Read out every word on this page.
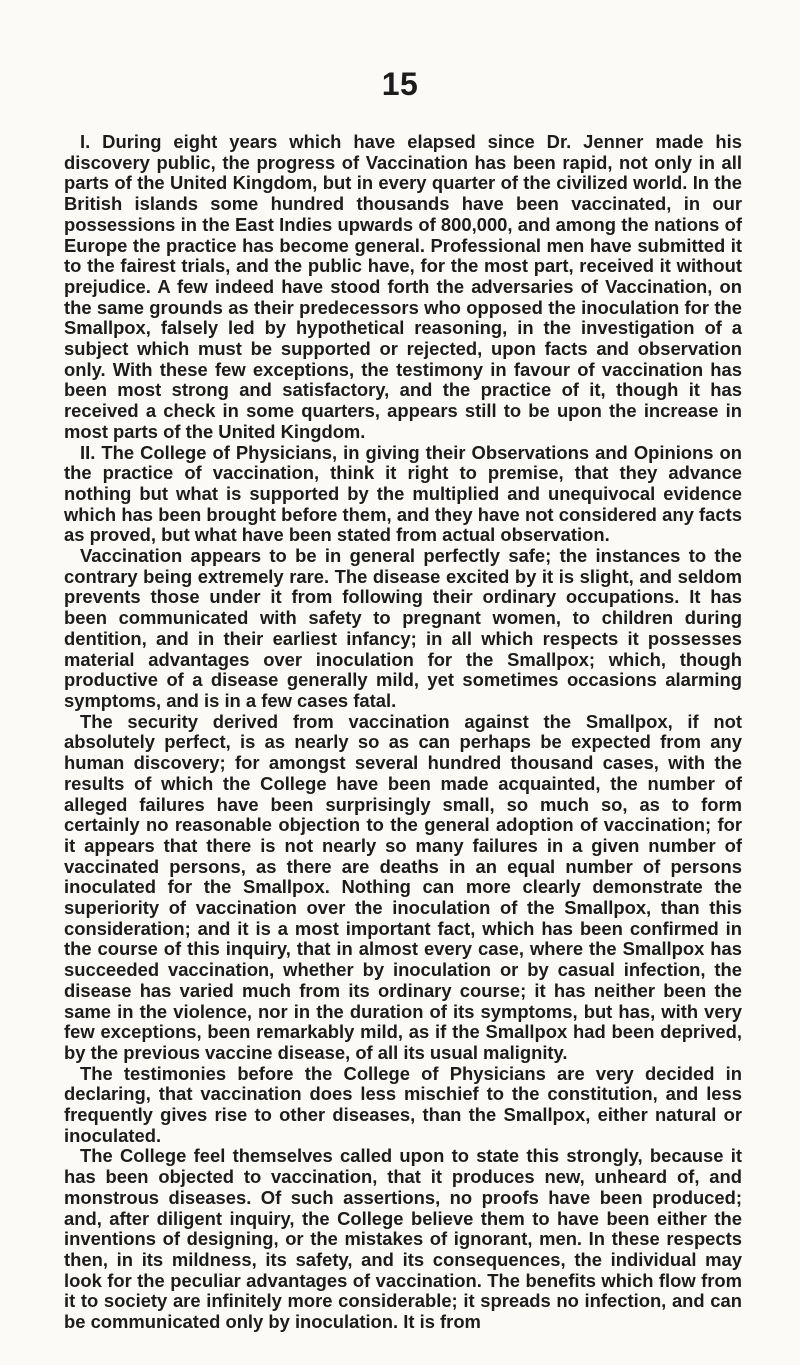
15

I. During eight years which have elapsed since Dr. Jenner made his discovery public, the progress of Vaccination has been rapid, not only in all parts of the United Kingdom, but in every quarter of the civilized world. In the British islands some hundred thousands have been vaccinated, in our possessions in the East Indies upwards of 800,000, and among the nations of Europe the practice has become general. Professional men have submitted it to the fairest trials, and the public have, for the most part, received it without prejudice. A few indeed have stood forth the adversaries of Vaccination, on the same grounds as their predecessors who opposed the inoculation for the Smallpox, falsely led by hypothetical reasoning, in the investigation of a subject which must be supported or rejected, upon facts and observation only. With these few exceptions, the testimony in favour of vaccination has been most strong and satisfactory, and the practice of it, though it has received a check in some quarters, appears still to be upon the increase in most parts of the United Kingdom.

II. The College of Physicians, in giving their Observations and Opinions on the practice of vaccination, think it right to premise, that they advance nothing but what is supported by the multiplied and unequivocal evidence which has been brought before them, and they have not considered any facts as proved, but what have been stated from actual observation.

Vaccination appears to be in general perfectly safe; the instances to the contrary being extremely rare. The disease excited by it is slight, and seldom prevents those under it from following their ordinary occupations. It has been communicated with safety to pregnant women, to children during dentition, and in their earliest infancy; in all which respects it possesses material advantages over inoculation for the Smallpox; which, though productive of a disease generally mild, yet sometimes occasions alarming symptoms, and is in a few cases fatal.

The security derived from vaccination against the Smallpox, if not absolutely perfect, is as nearly so as can perhaps be expected from any human discovery; for amongst several hundred thousand cases, with the results of which the College have been made acquainted, the number of alleged failures have been surprisingly small, so much so, as to form certainly no reasonable objection to the general adoption of vaccination; for it appears that there is not nearly so many failures in a given number of vaccinated persons, as there are deaths in an equal number of persons inoculated for the Smallpox. Nothing can more clearly demonstrate the superiority of vaccination over the inoculation of the Smallpox, than this consideration; and it is a most important fact, which has been confirmed in the course of this inquiry, that in almost every case, where the Smallpox has succeeded vaccination, whether by inoculation or by casual infection, the disease has varied much from its ordinary course; it has neither been the same in the violence, nor in the duration of its symptoms, but has, with very few exceptions, been remarkably mild, as if the Smallpox had been deprived, by the previous vaccine disease, of all its usual malignity.

The testimonies before the College of Physicians are very decided in declaring, that vaccination does less mischief to the constitution, and less frequently gives rise to other diseases, than the Smallpox, either natural or inoculated.

The College feel themselves called upon to state this strongly, because it has been objected to vaccination, that it produces new, unheard of, and monstrous diseases. Of such assertions, no proofs have been produced; and, after diligent inquiry, the College believe them to have been either the inventions of designing, or the mistakes of ignorant, men. In these respects then, in its mildness, its safety, and its consequences, the individual may look for the peculiar advantages of vaccination. The benefits which flow from it to society are infinitely more considerable; it spreads no infection, and can be communicated only by inoculation. It is from
